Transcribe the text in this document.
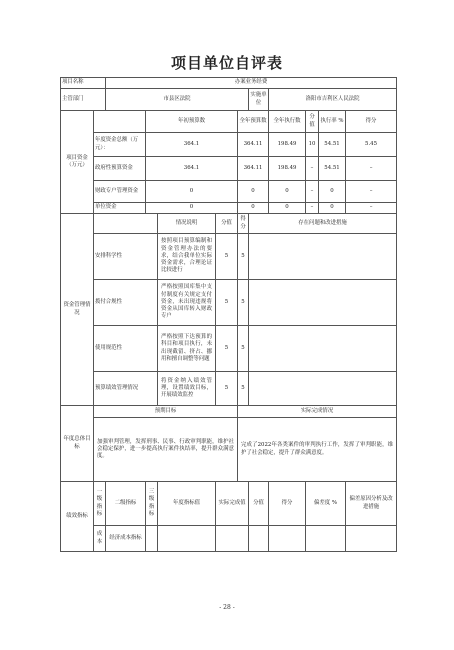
项目单位自评表
项目名称		办案业务经费									
主管部门		市县区法院					实施单位	洛阳市吉利区人民法院			
项目资金（万元）			年初预算数			全年预算数		全年执行数	分值	执行率 %	得分
	年度资金总额（万元）：		364.1			364.11		198.49	10	54.51	5.45
	政府性预算资金		364.1			364.11		198.49	–	54.51	–
	财政专户管理资金		0			0		0	–	0	–
	单位资金		0			0		0	–	0	–
资金管理情况				情况说明	分值	得分	存在问题和改进措施				
	安排科学性			按照项目预算编制和资金管理办法的要求，结合我单位实际资金需求，合理论证比较进行	5	5					
	拨付合规性			严格按照国库集中支付制度有关规定支付资金，未出现违规将资金从国库转入财政专户	5	5					
	使用规范性			严格按照下达预算的科目和项目执行，未出现截留、挤占、挪用和擅自调整等问题	5	5					
	预算绩效管理情况			将资金纳入绩效管理，设置绩效目标，开展绩效监控	5	5					
年度总体目标	预期目标					实际完成情况					
	加强审判管理，发挥刑事、民事、行政审判职能，维护社会稳定保护，进一步提高执行案件执结率，提升群众满意度。					完成了2022年各类案件的审判执行工作，发挥了审判职能，维护了社会稳定，提升了群众满意度。					
绩效指标	一级指标	二级指标	三级指标	年度指标值	实际完成值		分值	得分	偏差度 %		偏差原因分析及改进措施
	成本	经济成本指标									
- 28 -
